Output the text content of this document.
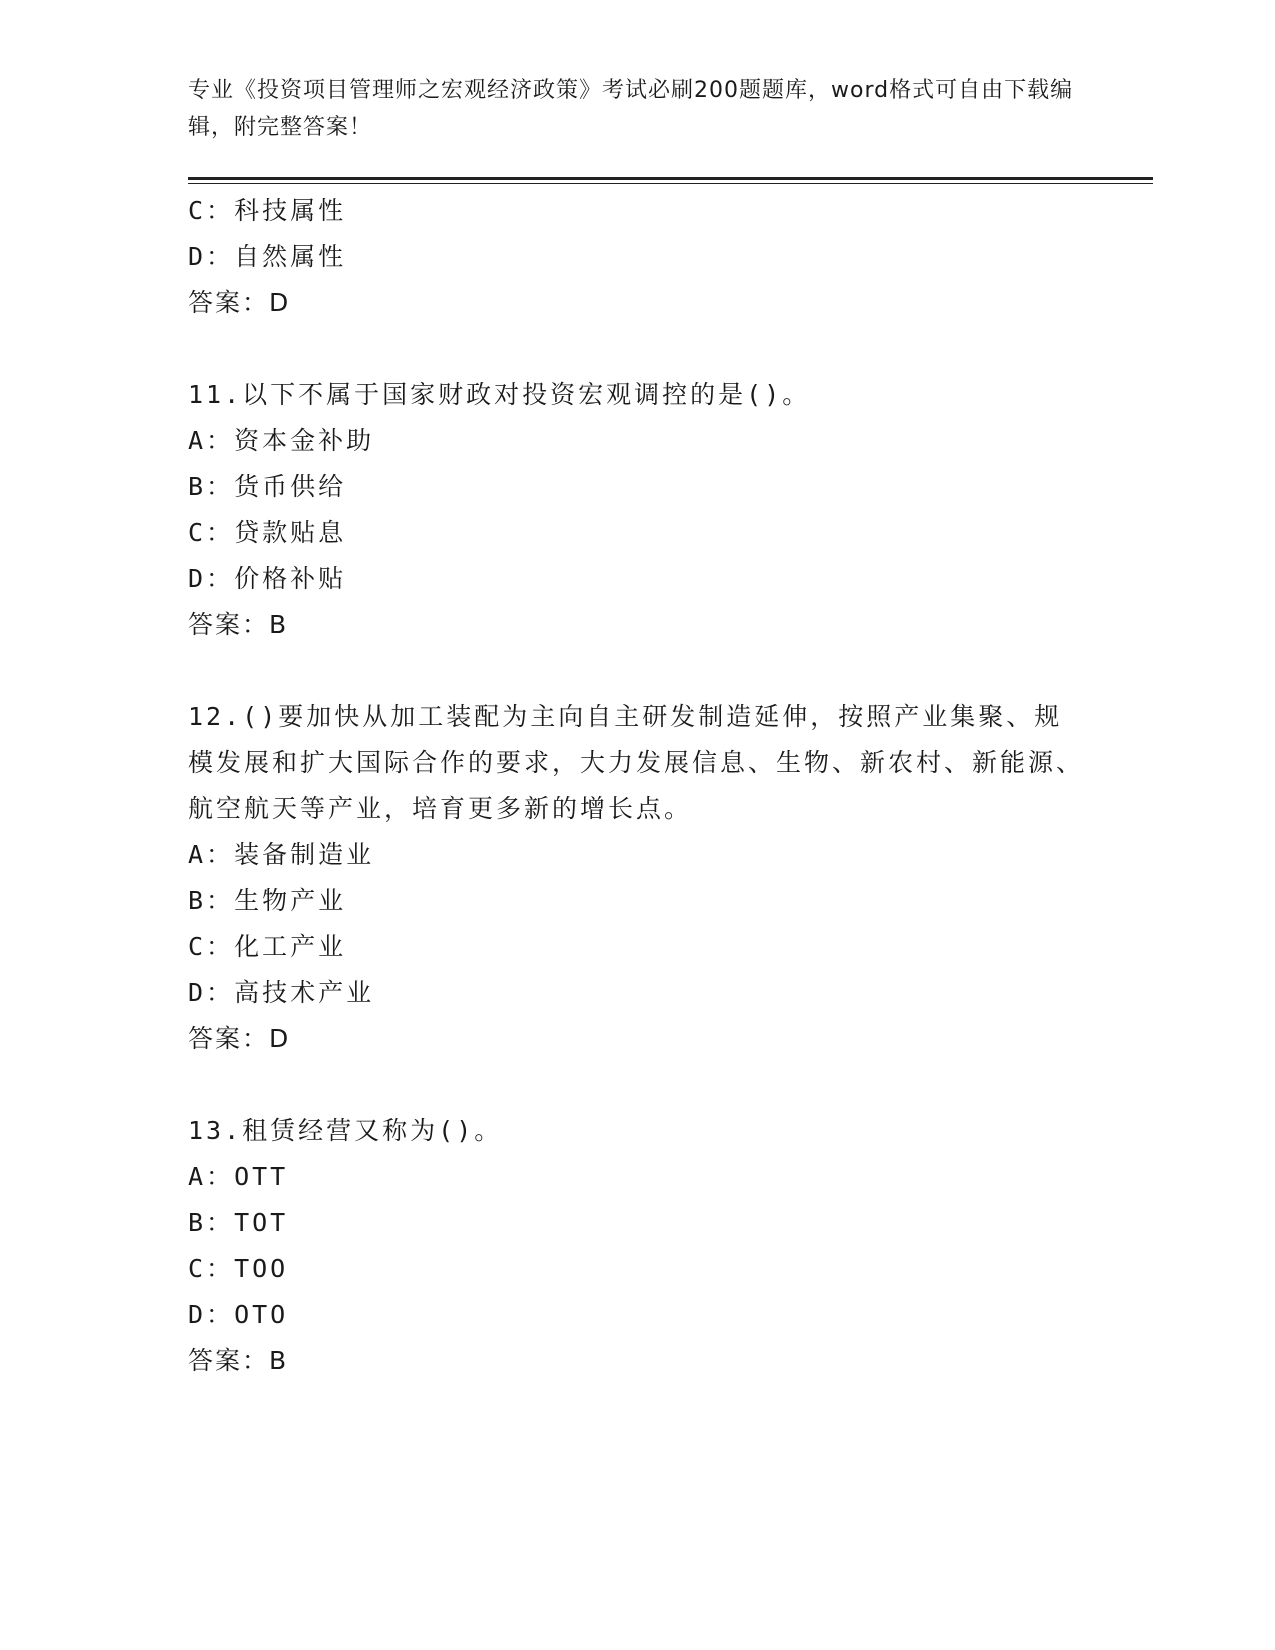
专业《投资项目管理师之宏观经济政策》考试必刷200题题库，word格式可自由下载编辑，附完整答案！
C：科技属性
D：自然属性
答案：D
11.以下不属于国家财政对投资宏观调控的是()。
A：资本金补助
B：货币供给
C：贷款贴息
D：价格补贴
答案：B
12.()要加快从加工装配为主向自主研发制造延伸，按照产业集聚、规模发展和扩大国际合作的要求，大力发展信息、生物、新农村、新能源、航空航天等产业，培育更多新的增长点。
A：装备制造业
B：生物产业
C：化工产业
D：高技术产业
答案：D
13.租赁经营又称为()。
A：OTT
B：TOT
C：TOO
D：OTO
答案：B
